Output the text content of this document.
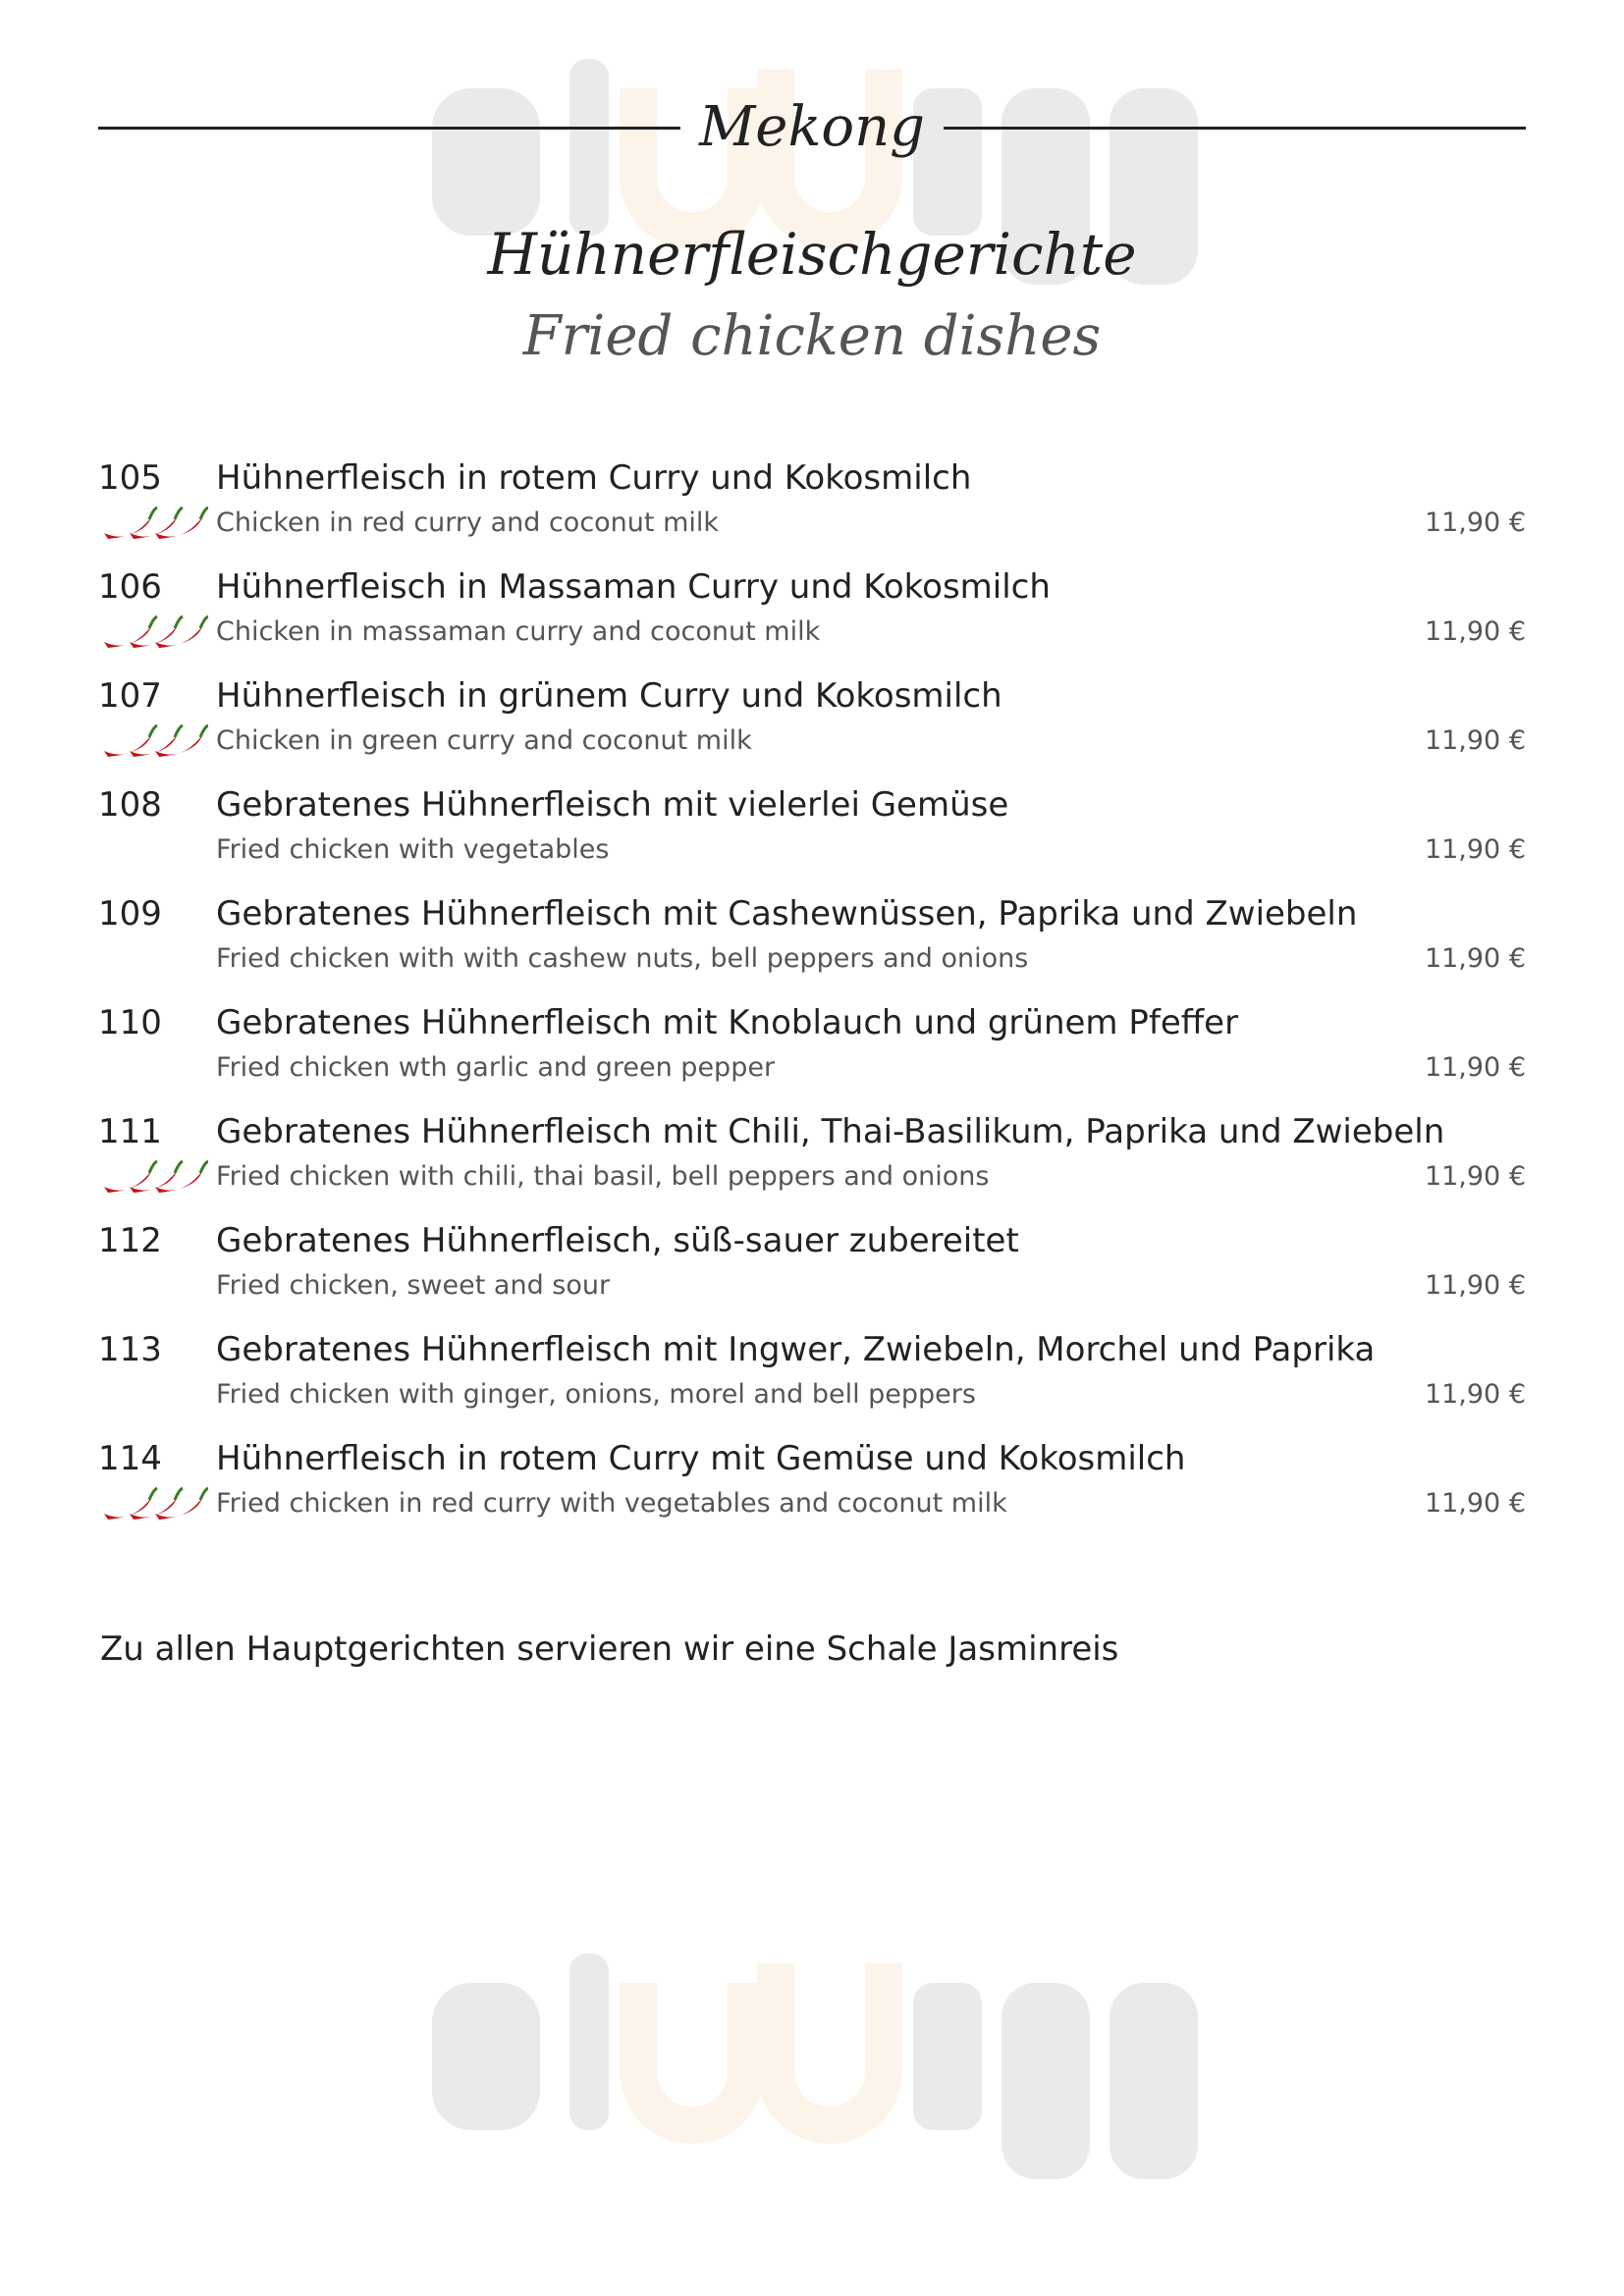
Mekong
Hühnerfleischgerichte
Fried chicken dishes
105 Hühnerfleisch in rotem Curry und Kokosmilch
Chicken in red curry and coconut milk	11,90 €
106 Hühnerfleisch in Massaman Curry und Kokosmilch
Chicken in massaman curry and coconut milk	11,90 €
107 Hühnerfleisch in grünem Curry und Kokosmilch
Chicken in green curry and coconut milk	11,90 €
108 Gebratenes Hühnerfleisch mit vielerlei Gemüse
Fried chicken with vegetables	11,90 €
109 Gebratenes Hühnerfleisch mit Cashewnüssen, Paprika und Zwiebeln
Fried chicken with with cashew nuts, bell peppers and onions	11,90 €
110 Gebratenes Hühnerfleisch mit Knoblauch und grünem Pfeffer
Fried chicken wth garlic and green pepper	11,90 €
111 Gebratenes Hühnerfleisch mit Chili, Thai-Basilikum, Paprika und Zwiebeln
Fried chicken with chili, thai basil, bell peppers and onions	11,90 €
112 Gebratenes Hühnerfleisch, süß-sauer zubereitet
Fried chicken, sweet and sour	11,90 €
113 Gebratenes Hühnerfleisch mit Ingwer, Zwiebeln, Morchel und Paprika
Fried chicken with ginger, onions, morel and bell peppers	11,90 €
114 Hühnerfleisch in rotem Curry mit Gemüse und Kokosmilch
Fried chicken in red curry with vegetables and coconut milk	11,90 €
Zu allen Hauptgerichten servieren wir eine Schale Jasminreis
